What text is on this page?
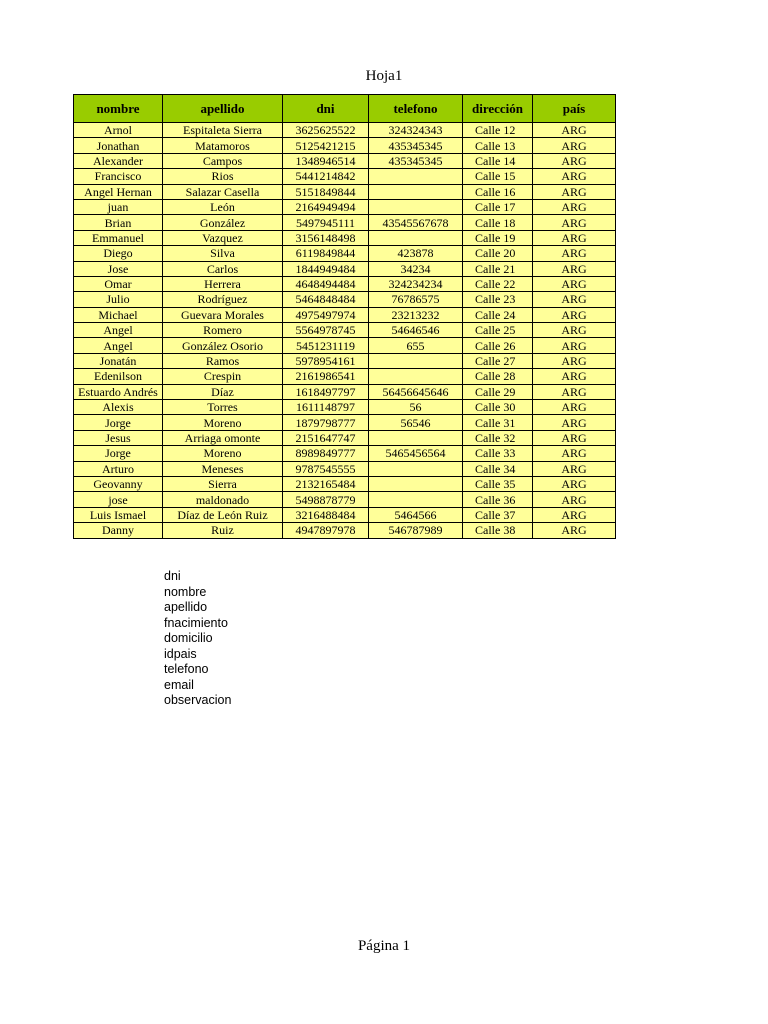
Hoja1
nombre	apellido	dni	telefono	dirección	país
Arnol	Espitaleta Sierra	3625625522	324324343	Calle 12	ARG
Jonathan	Matamoros	5125421215	435345345	Calle 13	ARG
Alexander	Campos	1348946514	435345345	Calle 14	ARG
Francisco	Rios	5441214842		Calle 15	ARG
Angel Hernan	Salazar Casella	5151849844		Calle 16	ARG
juan	León	2164949494		Calle 17	ARG
Brian	González	5497945111	43545567678	Calle 18	ARG
Emmanuel	Vazquez	3156148498		Calle 19	ARG
Diego	Silva	6119849844	423878	Calle 20	ARG
Jose	Carlos	1844949484	34234	Calle 21	ARG
Omar	Herrera	4648494484	324234234	Calle 22	ARG
Julio	Rodríguez	5464848484	76786575	Calle 23	ARG
Michael	Guevara Morales	4975497974	23213232	Calle 24	ARG
Angel	Romero	5564978745	54646546	Calle 25	ARG
Angel	González Osorio	5451231119	655	Calle 26	ARG
Jonatán	Ramos	5978954161		Calle 27	ARG
Edenilson	Crespin	2161986541		Calle 28	ARG
Estuardo Andrés	Díaz	1618497797	56456645646	Calle 29	ARG
Alexis	Torres	1611148797	56	Calle 30	ARG
Jorge	Moreno	1879798777	56546	Calle 31	ARG
Jesus	Arriaga omonte	2151647747		Calle 32	ARG
Jorge	Moreno	8989849777	5465456564	Calle 33	ARG
Arturo	Meneses	9787545555		Calle 34	ARG
Geovanny	Sierra	2132165484		Calle 35	ARG
jose	maldonado	5498878779		Calle 36	ARG
Luis Ismael	Díaz de León Ruiz	3216488484	5464566	Calle 37	ARG
Danny	Ruiz	4947897978	546787989	Calle 38	ARG
dni
nombre
apellido
fnacimiento
domicilio
idpais
telefono
email
observacion
Página 1
